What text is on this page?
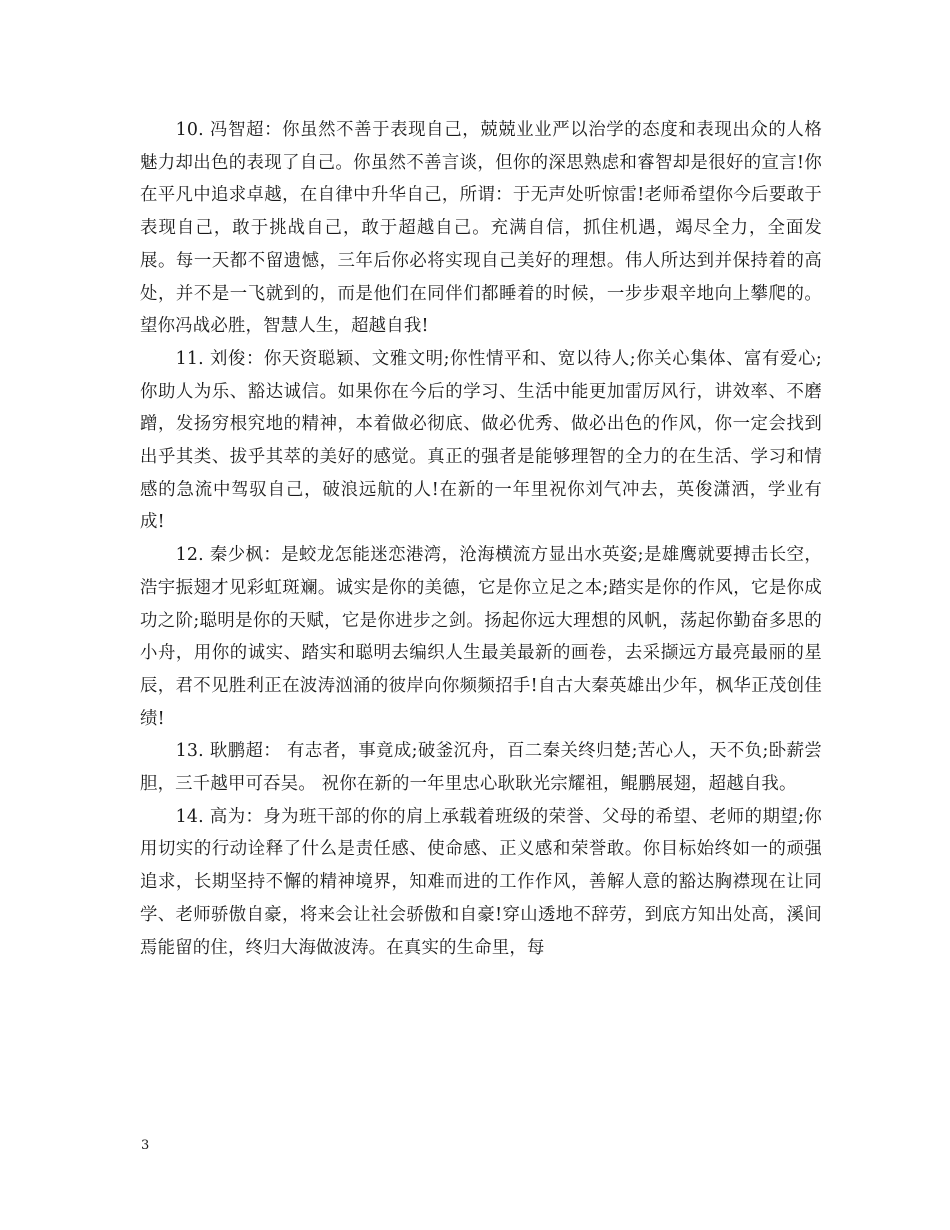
10. 冯智超：你虽然不善于表现自己，兢兢业业严以治学的态度和表现出众的人格魅力却出色的表现了自己。你虽然不善言谈，但你的深思熟虑和睿智却是很好的宣言!你在平凡中追求卓越，在自律中升华自己，所谓：于无声处听惊雷!老师希望你今后要敢于表现自己，敢于挑战自己，敢于超越自己。充满自信，抓住机遇，竭尽全力，全面发展。每一天都不留遗憾，三年后你必将实现自己美好的理想。伟人所达到并保持着的高处，并不是一飞就到的，而是他们在同伴们都睡着的时候，一步步艰辛地向上攀爬的。望你冯战必胜，智慧人生，超越自我!

11. 刘俊：你天资聪颖、文雅文明;你性情平和、宽以待人;你关心集体、富有爱心;你助人为乐、豁达诚信。如果你在今后的学习、生活中能更加雷厉风行，讲效率、不磨蹭，发扬穷根究地的精神，本着做必彻底、做必优秀、做必出色的作风，你一定会找到出乎其类、拔乎其萃的美好的感觉。真正的强者是能够理智的全力的在生活、学习和情感的急流中驾驭自己，破浪远航的人!在新的一年里祝你刘气冲去，英俊潇洒，学业有成!

12. 秦少枫：是蛟龙怎能迷恋港湾，沧海横流方显出水英姿;是雄鹰就要搏击长空，浩宇振翅才见彩虹斑斓。诚实是你的美德，它是你立足之本;踏实是你的作风，它是你成功之阶;聪明是你的天赋，它是你进步之剑。扬起你远大理想的风帆，荡起你勤奋多思的小舟，用你的诚实、踏实和聪明去编织人生最美最新的画卷，去采撷远方最亮最丽的星辰，君不见胜利正在波涛汹涌的彼岸向你频频招手!自古大秦英雄出少年，枫华正茂创佳绩!

13. 耿鹏超： 有志者，事竟成;破釜沉舟，百二秦关终归楚;苦心人，天不负;卧薪尝胆，三千越甲可吞吴。 祝你在新的一年里忠心耿耿光宗耀祖，鲲鹏展翅，超越自我。

14. 高为：身为班干部的你的肩上承载着班级的荣誉、父母的希望、老师的期望;你用切实的行动诠释了什么是责任感、使命感、正义感和荣誉敢。你目标始终如一的顽强追求，长期坚持不懈的精神境界，知难而进的工作作风，善解人意的豁达胸襟现在让同学、老师骄傲自豪，将来会让社会骄傲和自豪!穿山透地不辞劳，到底方知出处高，溪间焉能留的住，终归大海做波涛。在真实的生命里，每

3
